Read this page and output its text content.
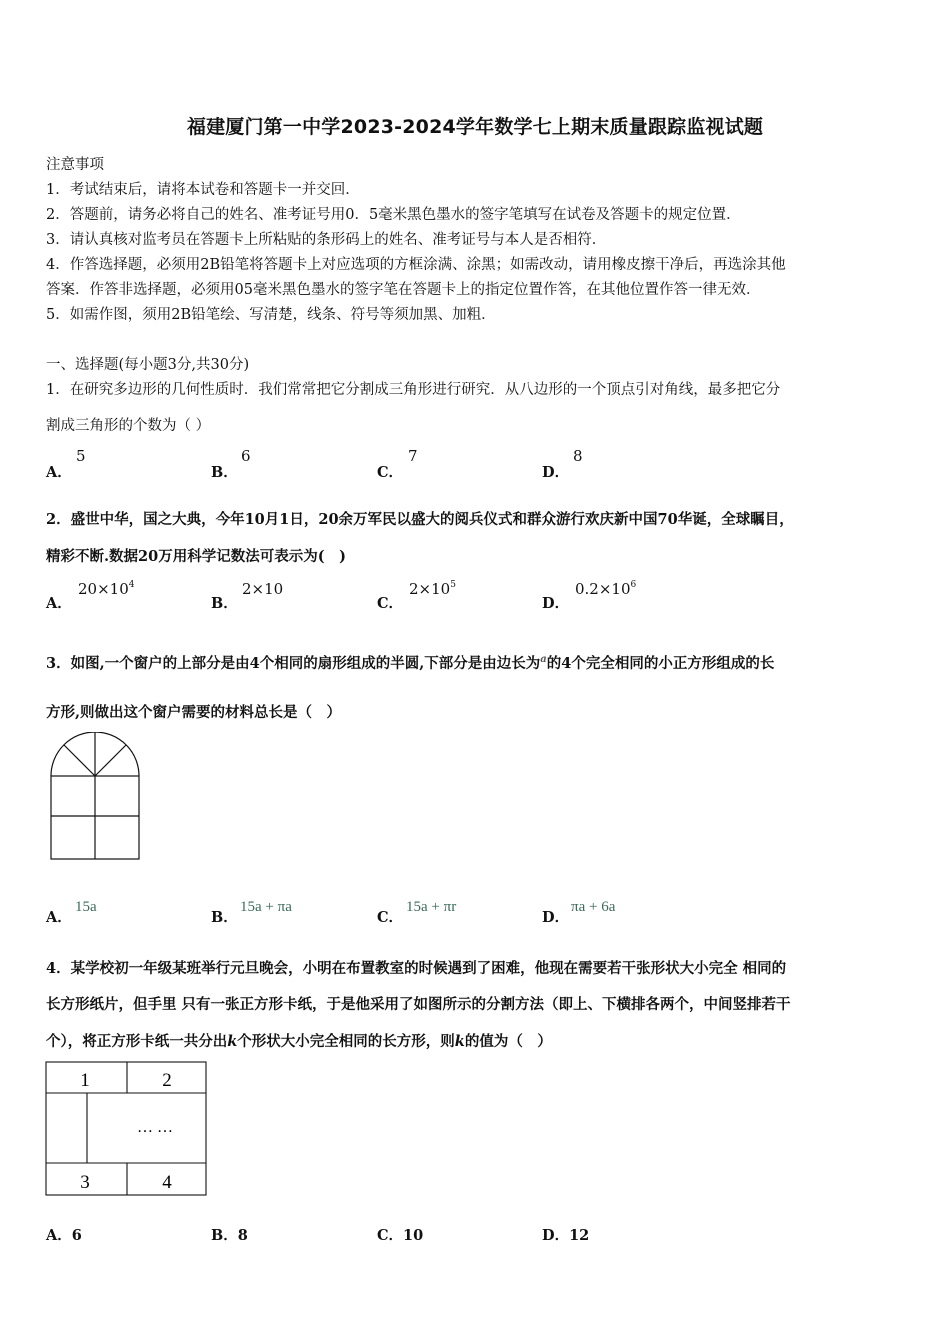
福建厦门第一中学2023-2024学年数学七上期末质量跟踪监视试题
注意事项
1．考试结束后，请将本试卷和答题卡一并交回．
2．答题前，请务必将自己的姓名、准考证号用0．5毫米黑色墨水的签字笔填写在试卷及答题卡的规定位置．
3．请认真核对监考员在答题卡上所粘贴的条形码上的姓名、准考证号与本人是否相符．
4．作答选择题，必须用2B铅笔将答题卡上对应选项的方框涂满、涂黑；如需改动，请用橡皮擦干净后，再选涂其他
答案．作答非选择题，必须用05毫米黑色墨水的签字笔在答题卡上的指定位置作答，在其他位置作答一律无效．
5．如需作图，须用2B铅笔绘、写清楚，线条、符号等须加黑、加粗．
一、选择题(每小题3分,共30分)
1．在研究多边形的几何性质时．我们常常把它分割成三角形进行研究．从八边形的一个顶点引对角线，最多把它分
割成三角形的个数为（ ）
A．
5
B．
6
C．
7
D．
8
2．盛世中华，国之大典，今年10月1日，20余万军民以盛大的阅兵仪式和群众游行欢庆新中国70华诞，全球瞩目，
精彩不断.数据20万用科学记数法可表示为(　)
A．
$20\times 10^4$
B．
2×10
C．
$2\times 10^5$
D．
$0.2\times 10^6$
3．如图,一个窗户的上部分是由4个相同的扇形组成的半圆,下部分是由边长为$^a$的4个完全相同的小正方形组成的长
方形,则做出这个窗户需要的材料总长是（　）
A．
15a
B．
15a + πa
C．
15a + πr
D．
πa + 6a
4．某学校初一年级某班举行元旦晚会，小明在布置教室的时候遇到了困难，他现在需要若干张形状大小完全 相同的
长方形纸片，但手里 只有一张正方形卡纸，于是他采用了如图所示的分割方法（即上、下横排各两个，中间竖排若干
个），将正方形卡纸一共分出k个形状大小完全相同的长方形，则k的值为（　）
1	2
… …
3	4
A．6	B．8	C．10	D．12
